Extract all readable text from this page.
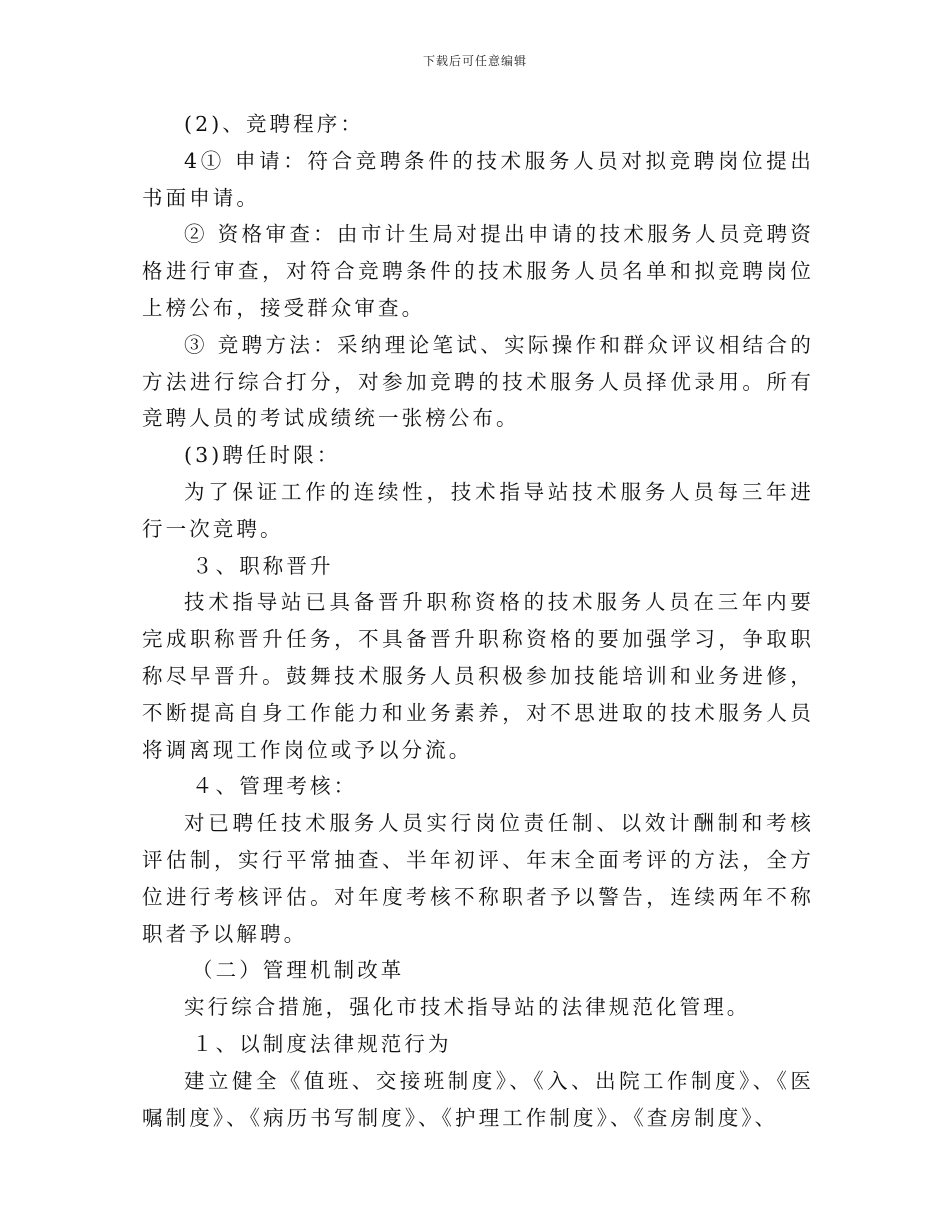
下载后可任意编辑

(2)、竞聘程序：

4① 申请：符合竞聘条件的技术服务人员对拟竞聘岗位提出书面申请。

② 资格审查：由市计生局对提出申请的技术服务人员竞聘资格进行审查，对符合竞聘条件的技术服务人员名单和拟竞聘岗位上榜公布，接受群众审查。

③ 竞聘方法：采纳理论笔试、实际操作和群众评议相结合的方法进行综合打分，对参加竞聘的技术服务人员择优录用。所有竞聘人员的考试成绩统一张榜公布。

(3)聘任时限：

为了保证工作的连续性，技术指导站技术服务人员每三年进行一次竞聘。

３、职称晋升

技术指导站已具备晋升职称资格的技术服务人员在三年内要完成职称晋升任务，不具备晋升职称资格的要加强学习，争取职称尽早晋升。鼓舞技术服务人员积极参加技能培训和业务进修，不断提高自身工作能力和业务素养，对不思进取的技术服务人员将调离现工作岗位或予以分流。

４、管理考核：

对已聘任技术服务人员实行岗位责任制、以效计酬制和考核评估制，实行平常抽查、半年初评、年末全面考评的方法，全方位进行考核评估。对年度考核不称职者予以警告，连续两年不称职者予以解聘。

（二）管理机制改革

实行综合措施，强化市技术指导站的法律规范化管理。

１、以制度法律规范行为

建立健全《值班、交接班制度》、《入、出院工作制度》、《医嘱制度》、《病历书写制度》、《护理工作制度》、《查房制度》、
